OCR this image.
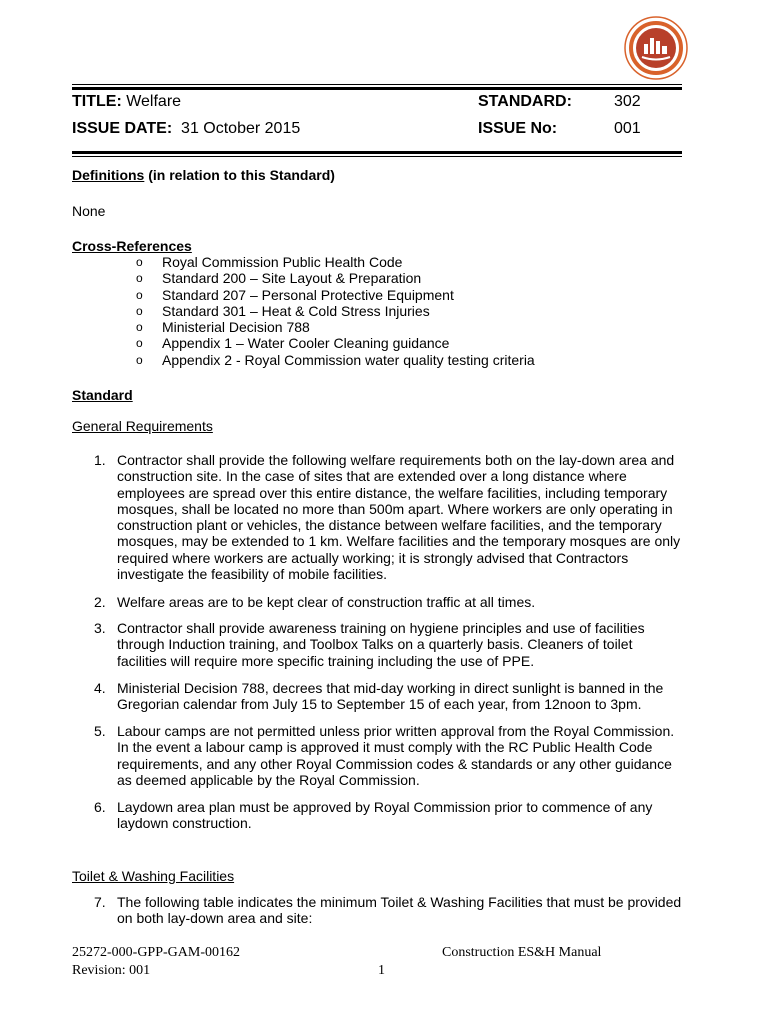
TITLE: Welfare	STANDARD:	302
ISSUE DATE: 31 October 2015	ISSUE No:	001
Definitions (in relation to this Standard)
None
Cross-References
o Royal Commission Public Health Code
o Standard 200 – Site Layout & Preparation
o Standard 207 – Personal Protective Equipment
o Standard 301 – Heat & Cold Stress Injuries
o Ministerial Decision 788
o Appendix 1 – Water Cooler Cleaning guidance
o Appendix 2 - Royal Commission water quality testing criteria
Standard
General Requirements
1. Contractor shall provide the following welfare requirements both on the lay-down area and construction site. In the case of sites that are extended over a long distance where employees are spread over this entire distance, the welfare facilities, including temporary mosques, shall be located no more than 500m apart. Where workers are only operating in construction plant or vehicles, the distance between welfare facilities, and the temporary mosques, may be extended to 1 km. Welfare facilities and the temporary mosques are only required where workers are actually working; it is strongly advised that Contractors investigate the feasibility of mobile facilities.
2. Welfare areas are to be kept clear of construction traffic at all times.
3. Contractor shall provide awareness training on hygiene principles and use of facilities through Induction training, and Toolbox Talks on a quarterly basis. Cleaners of toilet facilities will require more specific training including the use of PPE.
4. Ministerial Decision 788, decrees that mid-day working in direct sunlight is banned in the Gregorian calendar from July 15 to September 15 of each year, from 12noon to 3pm.
5. Labour camps are not permitted unless prior written approval from the Royal Commission. In the event a labour camp is approved it must comply with the RC Public Health Code requirements, and any other Royal Commission codes & standards or any other guidance as deemed applicable by the Royal Commission.
6. Laydown area plan must be approved by Royal Commission prior to commence of any laydown construction.
Toilet & Washing Facilities
7. The following table indicates the minimum Toilet & Washing Facilities that must be provided on both lay-down area and site:
25272-000-GPP-GAM-00162
Revision: 001	1
Construction ES&H Manual
